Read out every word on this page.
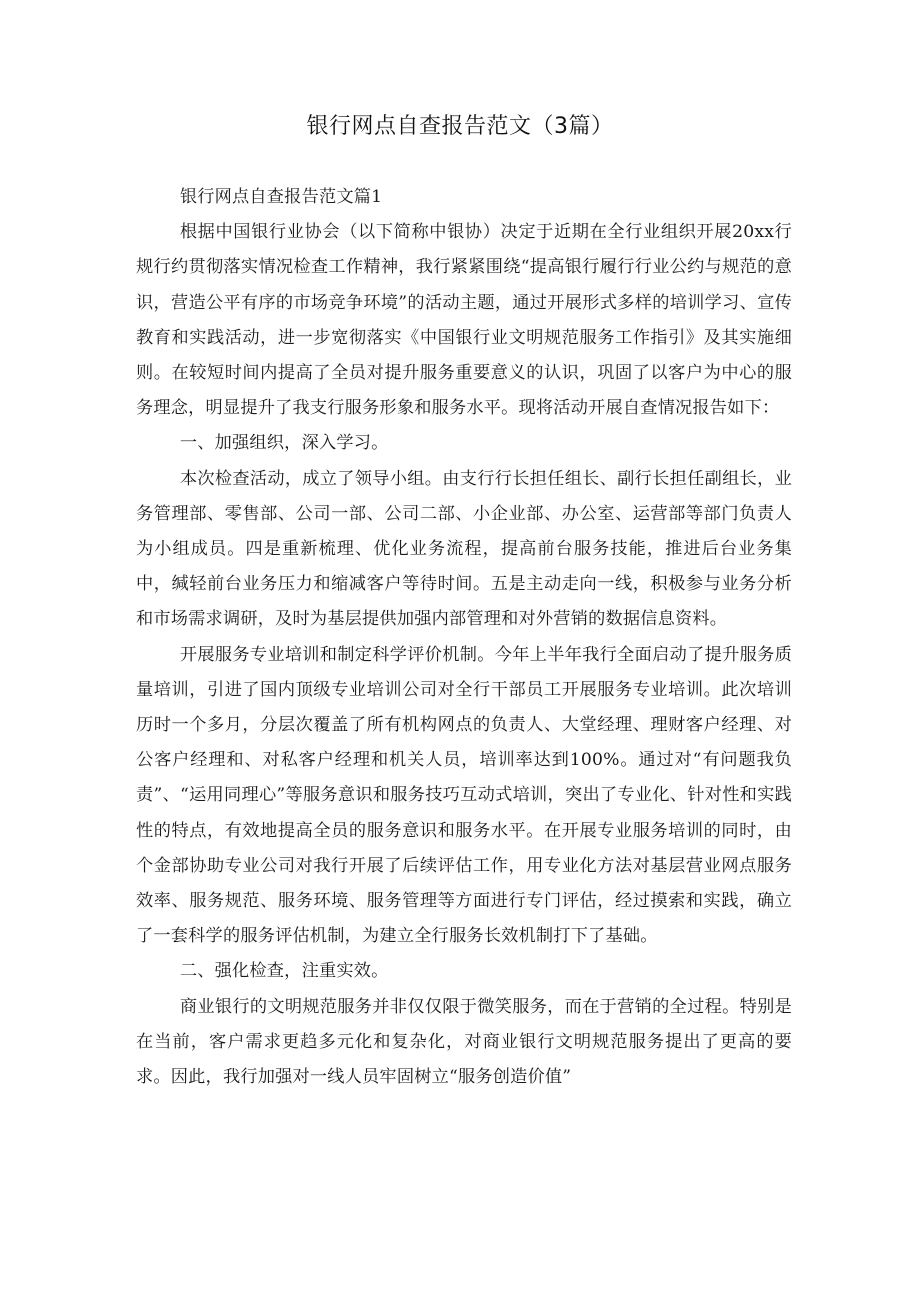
银行网点自查报告范文（3篇）

银行网点自查报告范文篇1

根据中国银行业协会（以下简称中银协）决定于近期在全行业组织开展20xx行规行约贯彻落实情况检查工作精神，我行紧紧围绕“提高银行履行行业公约与规范的意识，营造公平有序的市场竞争环境”的活动主题，通过开展形式多样的培训学习、宣传教育和实践活动，进一步宽彻落实《中国银行业文明规范服务工作指引》及其实施细则。在较短时间内提高了全员对提升服务重要意义的认识，巩固了以客户为中心的服务理念，明显提升了我支行服务形象和服务水平。现将活动开展自查情况报告如下：

一、加强组织，深入学习。

本次检查活动，成立了领导小组。由支行行长担任组长、副行长担任副组长，业务管理部、零售部、公司一部、公司二部、小企业部、办公室、运营部等部门负责人为小组成员。四是重新梳理、优化业务流程，提高前台服务技能，推进后台业务集中，缄轻前台业务压力和缩减客户等待时间。五是主动走向一线，积极参与业务分析和市场需求调研，及时为基层提供加强内部管理和对外营销的数据信息资料。

开展服务专业培训和制定科学评价机制。今年上半年我行全面启动了提升服务质量培训，引进了国内顶级专业培训公司对全行干部员工开展服务专业培训。此次培训历时一个多月，分层次覆盖了所有机构网点的负责人、大堂经理、理财客户经理、对公客户经理和、对私客户经理和机关人员，培训率达到100%。通过对“有问题我负责”、“运用同理心”等服务意识和服务技巧互动式培训，突出了专业化、针对性和实践性的特点，有效地提高全员的服务意识和服务水平。在开展专业服务培训的同时，由个金部协助专业公司对我行开展了后续评估工作，用专业化方法对基层营业网点服务效率、服务规范、服务环境、服务管理等方面进行专门评估，经过摸索和实践，确立了一套科学的服务评估机制，为建立全行服务长效机制打下了基础。

二、强化检查，注重实效。

商业银行的文明规范服务并非仅仅限于微笑服务，而在于营销的全过程。特别是在当前，客户需求更趋多元化和复杂化，对商业银行文明规范服务提出了更高的要求。因此，我行加强对一线人员牢固树立“服务创造价值”
